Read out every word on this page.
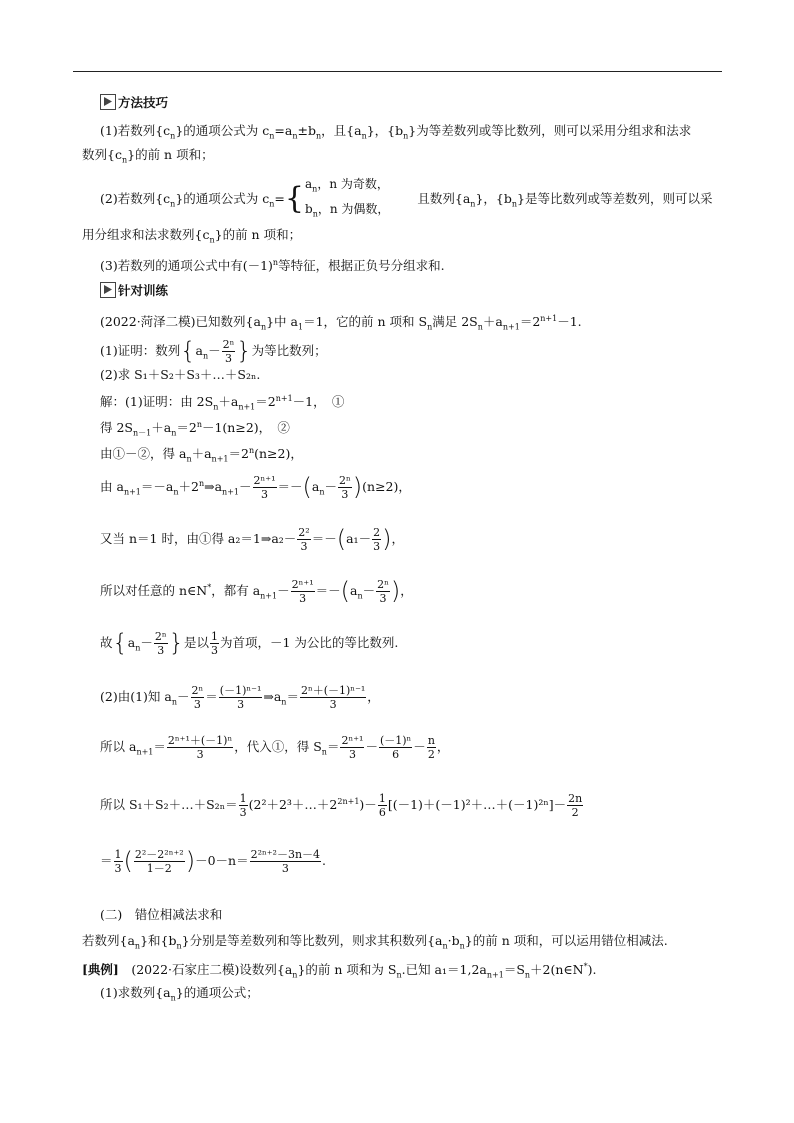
方法技巧
(1)若数列$\{c_n\}$的通项公式为 $c_n=a_n\pm b_n$，且$\{a_n\}$，$\{b_n\}$为等差数列或等比数列，则可以采用分组求和法求
数列$\{c_n\}$的前 n 项和；
(2)若数列$\{c_n\}$的通项公式为 $c_n=${ $a_n$，n 为奇数，
$b_n$，n 为偶数，
且数列$\{a_n\}$，$\{b_n\}$是等比数列或等差数列，则可以采
用分组求和法求数列$\{c_n\}$的前 n 项和；
(3)若数列的通项公式中有$(-1)^n$等特征，根据正负号分组求和.
针对训练
(2022·菏泽二模)已知数列$\{a_n\}$中 $a_1=1$，它的前 n 项和 $S_n$满足 $2S_n+a_{n+1}=2^{n+1}-1$.
(1)证明：数列{$a_n- \frac{\text{2ⁿ}}{3}$ }为等比数列；
(2)求 S₁＋S₂＋S₃＋…＋S₂ₙ.
解：(1)证明：由 $2S_n+a_{n+1}=2^{n+1}-1$，　①
得 $2S_{n-1}+a_n=2^n-1(n\ge 2)$，　②
由①－②，得 $a_n+a_{n+1}=2^n(n\ge 2)$，
由 $a_{n+1}=-a_n+2^n\Rightarrow a_{n+1}- \frac{\text{2ⁿ⁺¹}}{3} =-(a_n- \frac{\text{2ⁿ}}{3} )(n\ge 2)$，
又当 n＝1 时，由①得 a₂＝1⇒a₂－ $\frac{\text{2²}}{3} =-(a_1- \frac{2}{3}$ )，
所以对任意的 n∈N*，都有 $a_{n+1}- \frac{\text{2ⁿ⁺¹}}{3} =-(a_n- \frac{\text{2ⁿ}}{3}$ )，
故{$a_n- \frac{\text{2ⁿ}}{3}$ }是以 $\frac{1}{3}$ 为首项，－1 为公比的等比数列.
(2)由(1)知 $a_n- \frac{\text{2ⁿ}}{3} = \frac{\text{(－1)ⁿ⁻¹}}{3}$ $\Rightarrow a_n= \frac{\text{2ⁿ＋(－1)ⁿ⁻¹}}{3}$ ，
所以 $a_{n+1}= \frac{\text{2ⁿ⁺¹＋(－1)ⁿ}}{3}$ ，代入①，得 $S_n= \frac{\text{2ⁿ⁺¹}}{3} - \frac{\text{(－1)ⁿ}}{6} - \frac{n}{2}$ ，
所以 S₁＋S₂＋…＋S₂ₙ＝ $\frac{1}{3}$ $(2^2+2^3+\dots+2^{2n+1})- \frac{1}{6}$ [(－1)＋(－1)²＋…＋(－1)²ⁿ]－ $\frac{2n}{2}$
＝ $\frac{1}{3}$ ( $\frac{\text{2²－2²ⁿ⁺²}}{1-2} )-0-n= \frac{\text{2²ⁿ⁺²－3n－4}}{3}$ .
(二)　错位相减法求和
若数列$\{a_n\}$和$\{b_n\}$分别是等差数列和等比数列，则求其积数列$\{a_n\cdot b_n\}$的前 n 项和，可以运用错位相减法.
[典例]　(2022·石家庄二模)设数列$\{a_n\}$的前 n 项和为 $S_n$.已知 $a_1=1,2a_{n+1}=S_n+2(n\in N^*)$.
(1)求数列$\{a_n\}$的通项公式；
